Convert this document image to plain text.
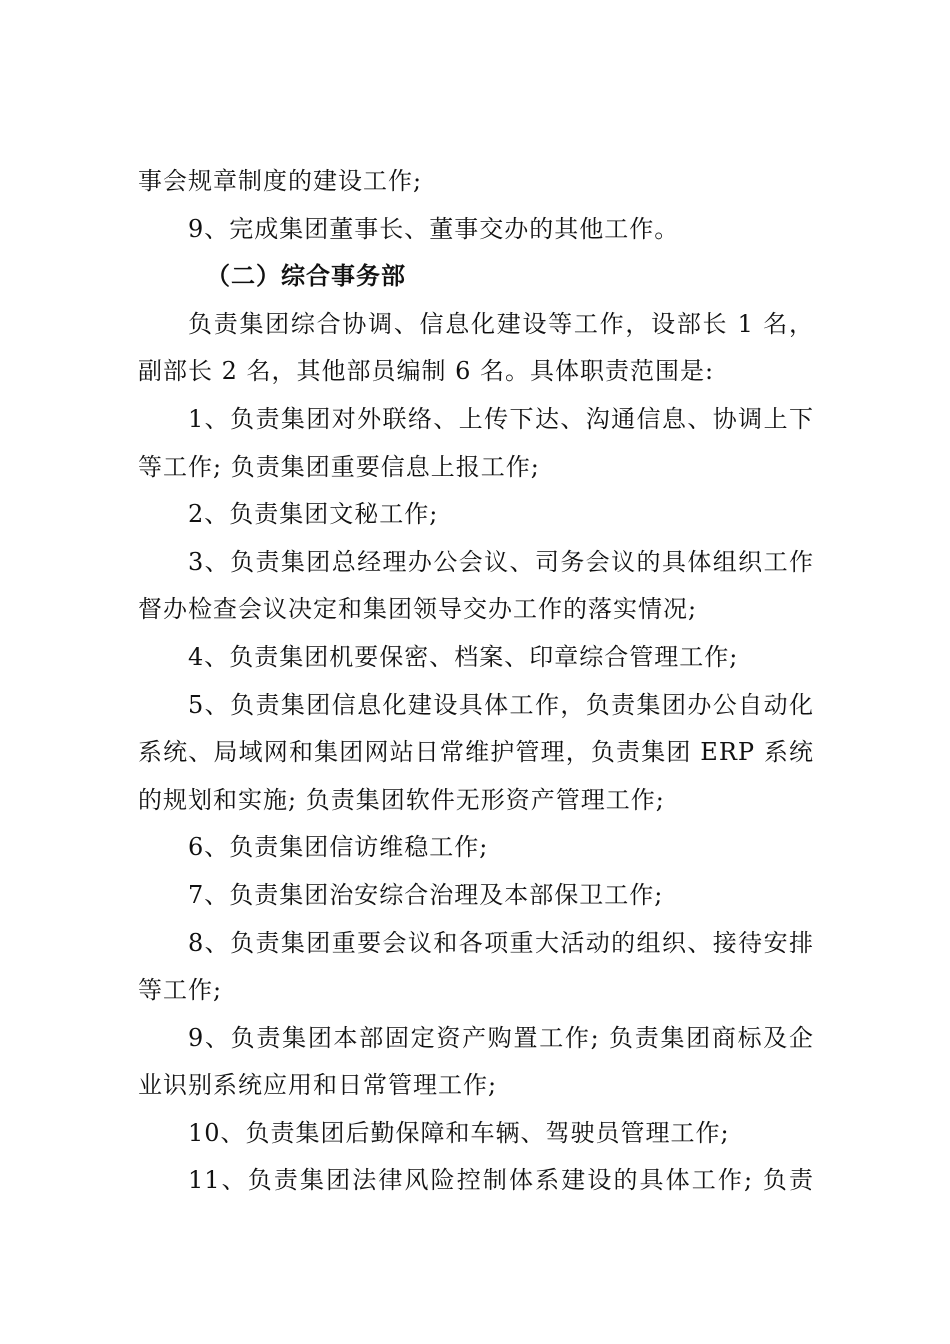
事会规章制度的建设工作;
9、完成集团董事长、董事交办的其他工作。
（二）综合事务部
负责集团综合协调、信息化建设等工作，设部长 1 名，
副部长 2 名，其他部员编制 6 名。具体职责范围是:
1、负责集团对外联络、上传下达、沟通信息、协调上下
等工作; 负责集团重要信息上报工作;
2、负责集团文秘工作;
3、负责集团总经理办公会议、司务会议的具体组织工作
督办检查会议决定和集团领导交办工作的落实情况;
4、负责集团机要保密、档案、印章综合管理工作;
5、负责集团信息化建设具体工作，负责集团办公自动化
系统、局域网和集团网站日常维护管理，负责集团 ERP 系统
的规划和实施; 负责集团软件无形资产管理工作;
6、负责集团信访维稳工作;
7、负责集团治安综合治理及本部保卫工作;
8、负责集团重要会议和各项重大活动的组织、接待安排
等工作;
9、负责集团本部固定资产购置工作; 负责集团商标及企
业识别系统应用和日常管理工作;
10、负责集团后勤保障和车辆、驾驶员管理工作;
11、负责集团法律风险控制体系建设的具体工作; 负责
